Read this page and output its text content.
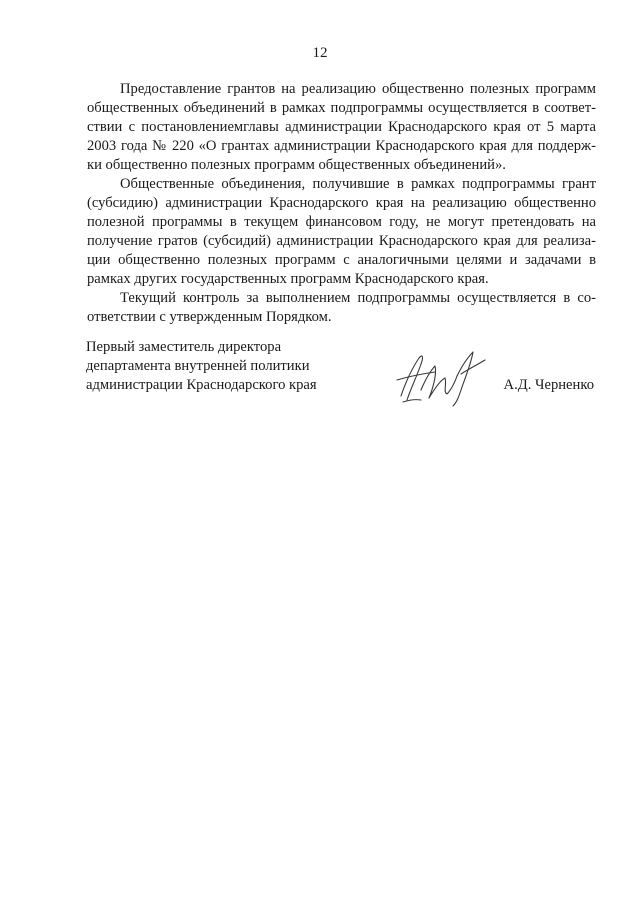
12
Предоставление грантов на реализацию общественно полезных программ
общественных объединений в рамках подпрограммы осуществляется в соответ-
ствии с постановлениемглавы администрации Краснодарского края от 5 марта
2003 года № 220 «О грантах администрации Краснодарского края для поддерж-
ки общественно полезных программ общественных объединений».
Общественные объединения, получившие в рамках подпрограммы грант
(субсидию) администрации Краснодарского края на реализацию общественно
полезной программы в текущем финансовом году, не могут претендовать на
получение гратов (субсидий) администрации Краснодарского края для реализа-
ции общественно полезных программ с аналогичными целями и задачами в
рамках других государственных программ Краснодарского края.
Текущий контроль за выполнением подпрограммы осуществляется в со-
ответствии с утвержденным Порядком.
Первый заместитель директора
департамента внутренней политики
администрации Краснодарского края	А.Д. Черненко
